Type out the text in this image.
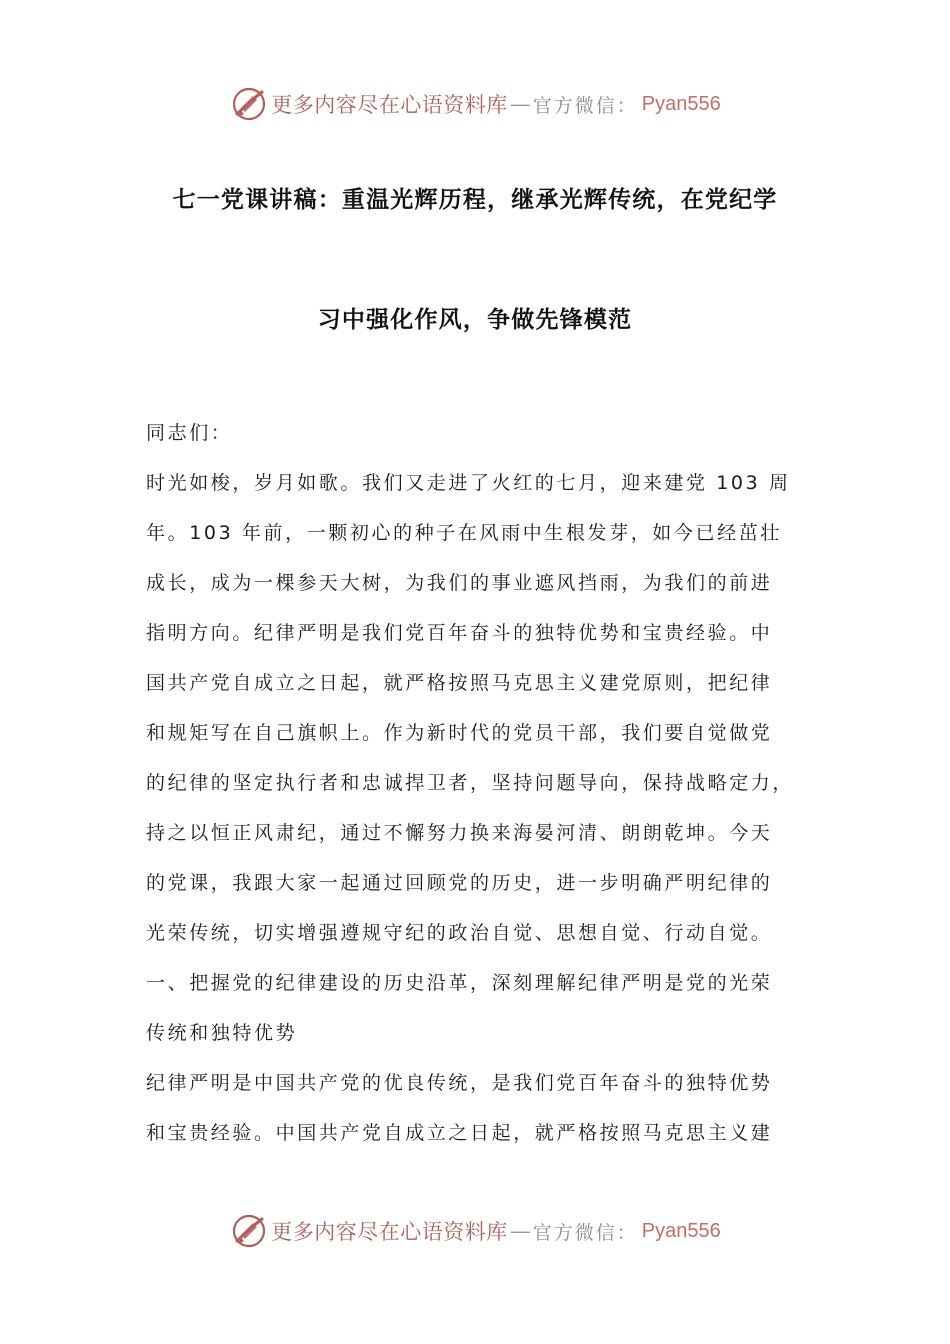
更多内容尽在心语资料库 — 官方微信： Pyan556
七一党课讲稿：重温光辉历程，继承光辉传统，在党纪学
习中强化作风，争做先锋模范
同志们：
时光如梭，岁月如歌。我们又走进了火红的七月，迎来建党 103 周
年。103 年前，一颗初心的种子在风雨中生根发芽，如今已经茁壮
成长，成为一棵参天大树，为我们的事业遮风挡雨，为我们的前进
指明方向。纪律严明是我们党百年奋斗的独特优势和宝贵经验。中
国共产党自成立之日起，就严格按照马克思主义建党原则，把纪律
和规矩写在自己旗帜上。作为新时代的党员干部，我们要自觉做党
的纪律的坚定执行者和忠诚捍卫者，坚持问题导向，保持战略定力，
持之以恒正风肃纪，通过不懈努力换来海晏河清、朗朗乾坤。今天
的党课，我跟大家一起通过回顾党的历史，进一步明确严明纪律的
光荣传统，切实增强遵规守纪的政治自觉、思想自觉、行动自觉。
一、把握党的纪律建设的历史沿革，深刻理解纪律严明是党的光荣
传统和独特优势
纪律严明是中国共产党的优良传统，是我们党百年奋斗的独特优势
和宝贵经验。中国共产党自成立之日起，就严格按照马克思主义建
更多内容尽在心语资料库 — 官方微信： Pyan556
